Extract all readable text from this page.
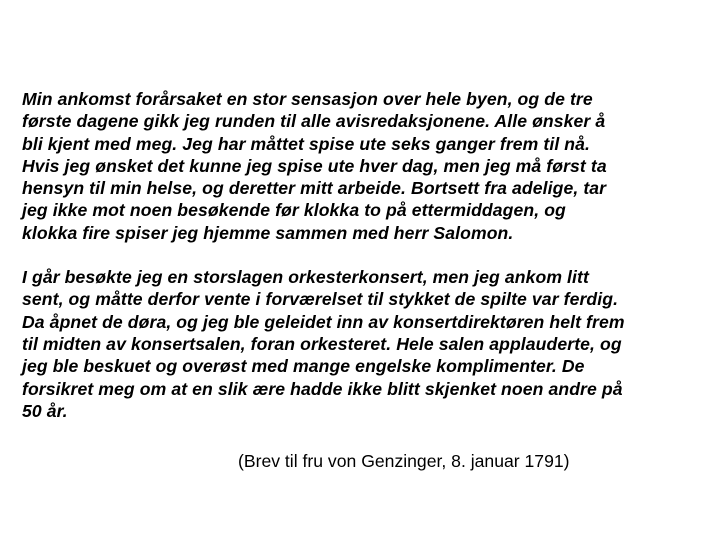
Min ankomst forårsaket en stor sensasjon over hele byen, og de tre
første dagene gikk jeg runden til alle avisredaksjonene. Alle ønsker å
bli kjent med meg. Jeg har måttet spise ute seks ganger frem til nå.
Hvis jeg ønsket det kunne jeg spise ute hver dag, men jeg må først ta
hensyn til min helse, og deretter mitt arbeide. Bortsett fra adelige, tar
jeg ikke mot noen besøkende før klokka to på ettermiddagen, og
klokka fire spiser jeg hjemme sammen med herr Salomon.
I går besøkte jeg en storslagen orkesterkonsert, men jeg ankom litt
sent, og måtte derfor vente i forværelset til stykket de spilte var ferdig.
Da åpnet de døra, og jeg ble geleidet inn av konsertdirektøren helt frem
til midten av konsertsalen, foran orkesteret. Hele salen applauderte, og
jeg ble beskuet og overøst med mange engelske komplimenter. De
forsikret meg om at en slik ære hadde ikke blitt skjenket noen andre på
50 år.
(Brev til fru von Genzinger, 8. januar 1791)
